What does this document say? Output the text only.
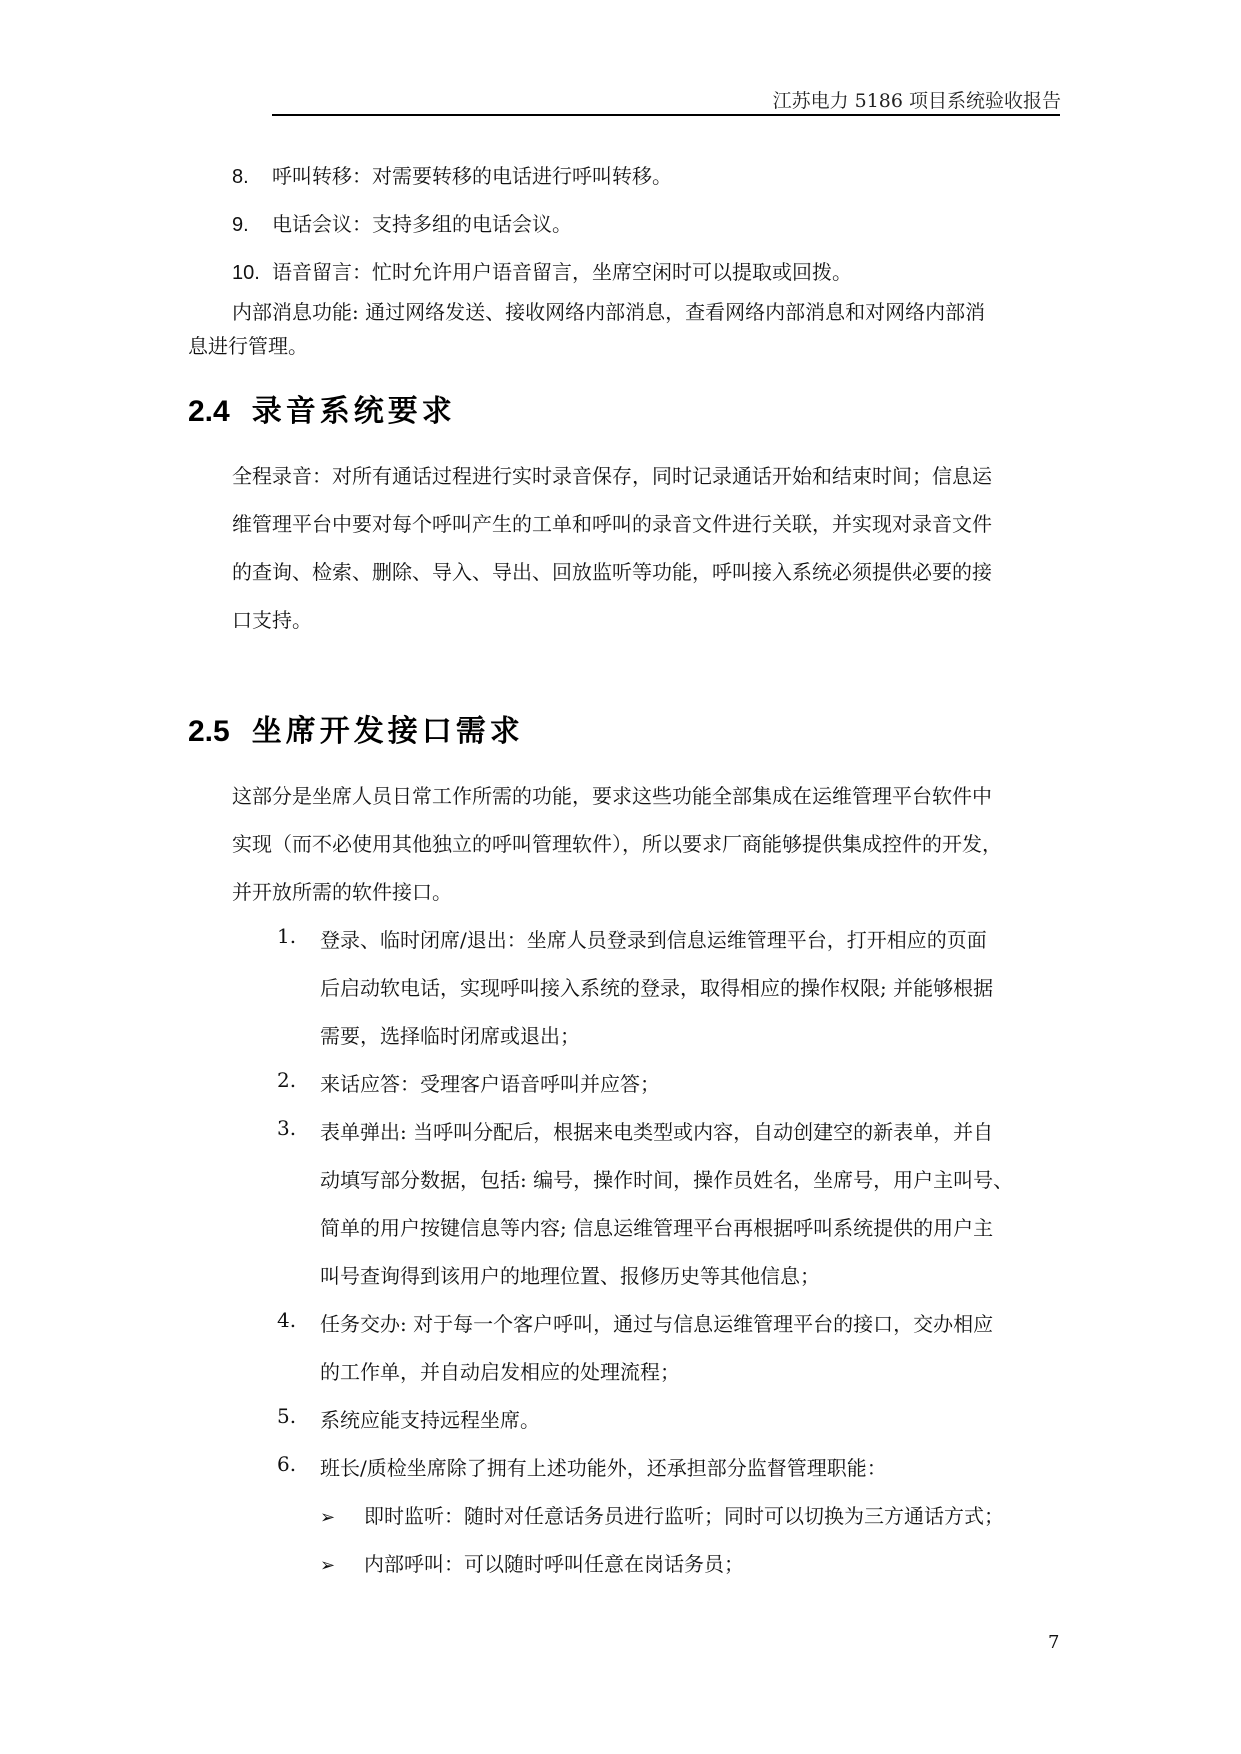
江苏电力 5186 项目系统验收报告
8. 呼叫转移：对需要转移的电话进行呼叫转移。
9. 电话会议：支持多组的电话会议。
10. 语音留言：忙时允许用户语音留言，坐席空闲时可以提取或回拨。
内部消息功能: 通过网络发送、接收网络内部消息，查看网络内部消息和对网络内部消
息进行管理。
2.4 录音系统要求
全程录音：对所有通话过程进行实时录音保存，同时记录通话开始和结束时间；信息运
维管理平台中要对每个呼叫产生的工单和呼叫的录音文件进行关联，并实现对录音文件
的查询、检索、删除、导入、导出、回放监听等功能，呼叫接入系统必须提供必要的接
口支持。
2.5 坐席开发接口需求
这部分是坐席人员日常工作所需的功能，要求这些功能全部集成在运维管理平台软件中
实现（而不必使用其他独立的呼叫管理软件），所以要求厂商能够提供集成控件的开发，
并开放所需的软件接口。
1. 登录、临时闭席/退出：坐席人员登录到信息运维管理平台，打开相应的页面
后启动软电话，实现呼叫接入系统的登录，取得相应的操作权限; 并能够根据
需要，选择临时闭席或退出；
2. 来话应答：受理客户语音呼叫并应答；
3. 表单弹出: 当呼叫分配后，根据来电类型或内容，自动创建空的新表单，并自
动填写部分数据，包括: 编号，操作时间，操作员姓名，坐席号，用户主叫号、
简单的用户按键信息等内容; 信息运维管理平台再根据呼叫系统提供的用户主
叫号查询得到该用户的地理位置、报修历史等其他信息；
4. 任务交办: 对于每一个客户呼叫，通过与信息运维管理平台的接口，交办相应
的工作单，并自动启发相应的处理流程；
5. 系统应能支持远程坐席。
6. 班长/质检坐席除了拥有上述功能外，还承担部分监督管理职能：
➢ 即时监听：随时对任意话务员进行监听；同时可以切换为三方通话方式；
➢ 内部呼叫：可以随时呼叫任意在岗话务员；
7
